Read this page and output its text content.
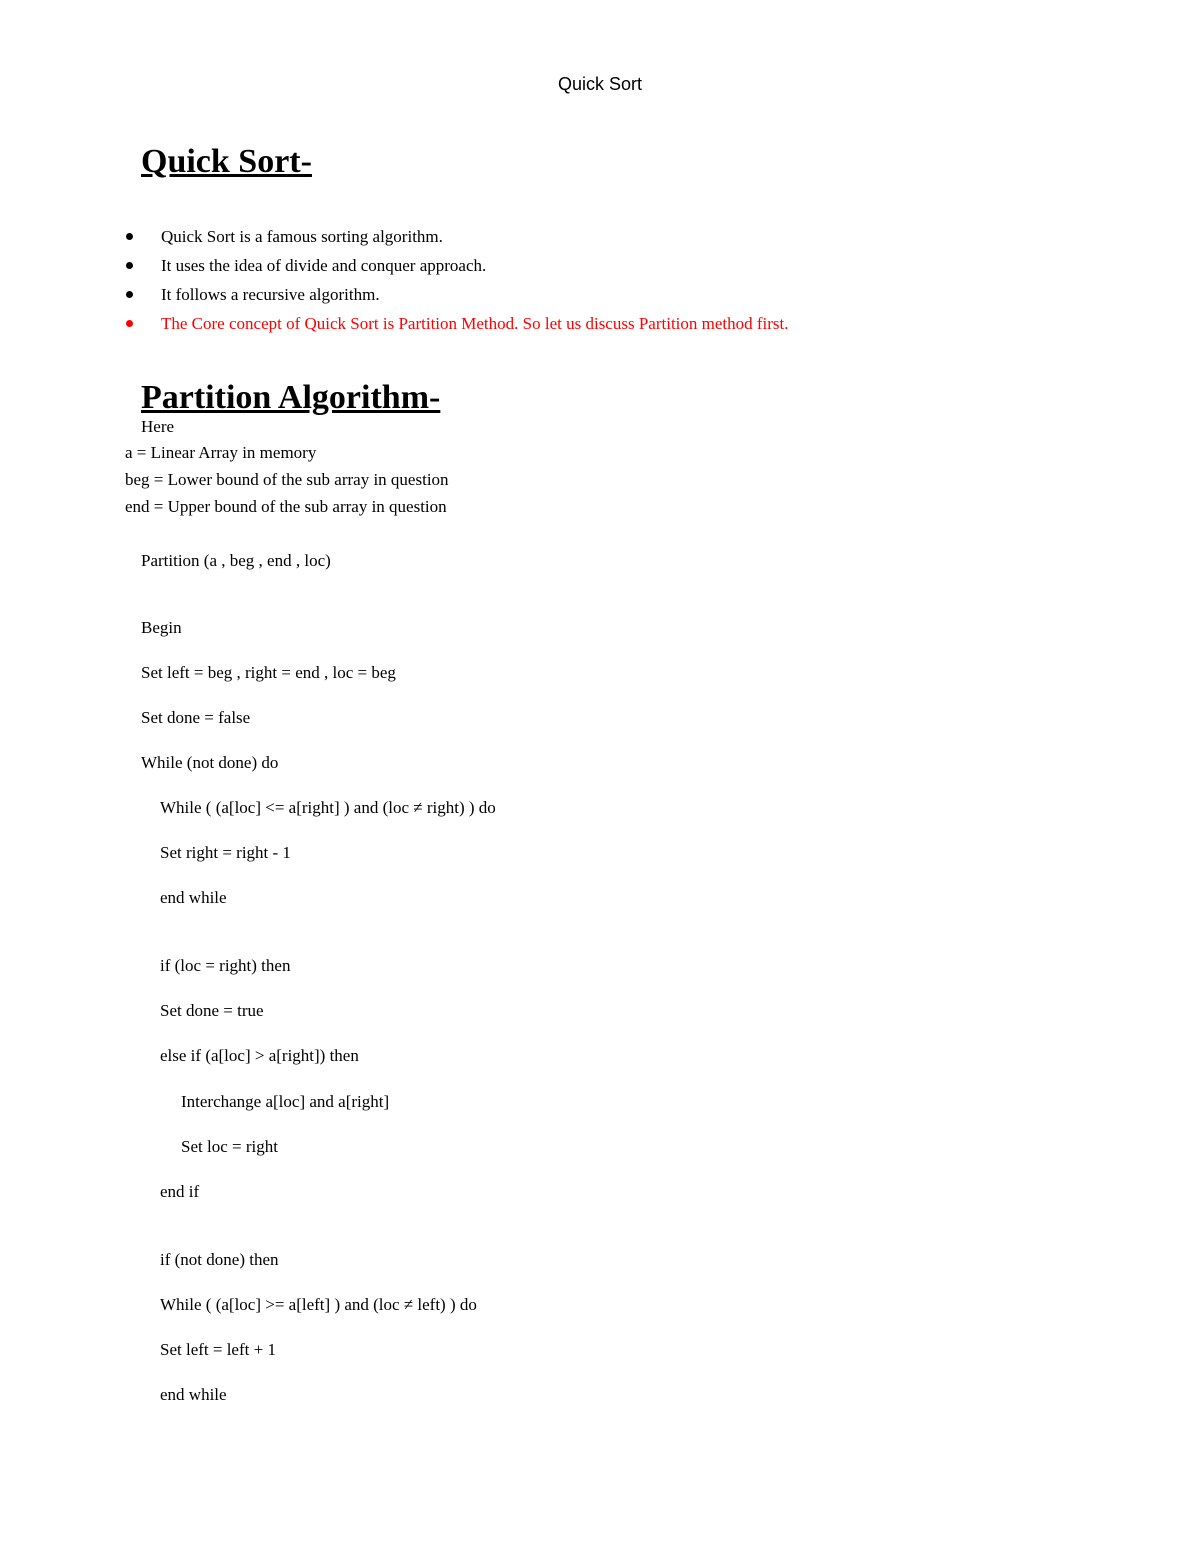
Quick Sort
Quick Sort-
Quick Sort is a famous sorting algorithm.
It uses the idea of divide and conquer approach.
It follows a recursive algorithm.
The Core concept of Quick Sort is Partition Method. So let us discuss Partition method first.
Partition Algorithm-
Here
a = Linear Array in memory
beg = Lower bound of the sub array in question
end = Upper bound of the sub array in question
Partition (a , beg , end , loc)
Begin
Set left = beg , right = end , loc = beg
Set done = false
While (not done) do
While ( (a[loc] <= a[right] ) and (loc ≠ right) ) do
Set right = right - 1
end while
if (loc = right) then
Set done = true
else if (a[loc] > a[right]) then
Interchange a[loc] and a[right]
Set loc = right
end if
if (not done) then
While ( (a[loc] >= a[left] ) and (loc ≠ left) ) do
Set left = left + 1
end while
